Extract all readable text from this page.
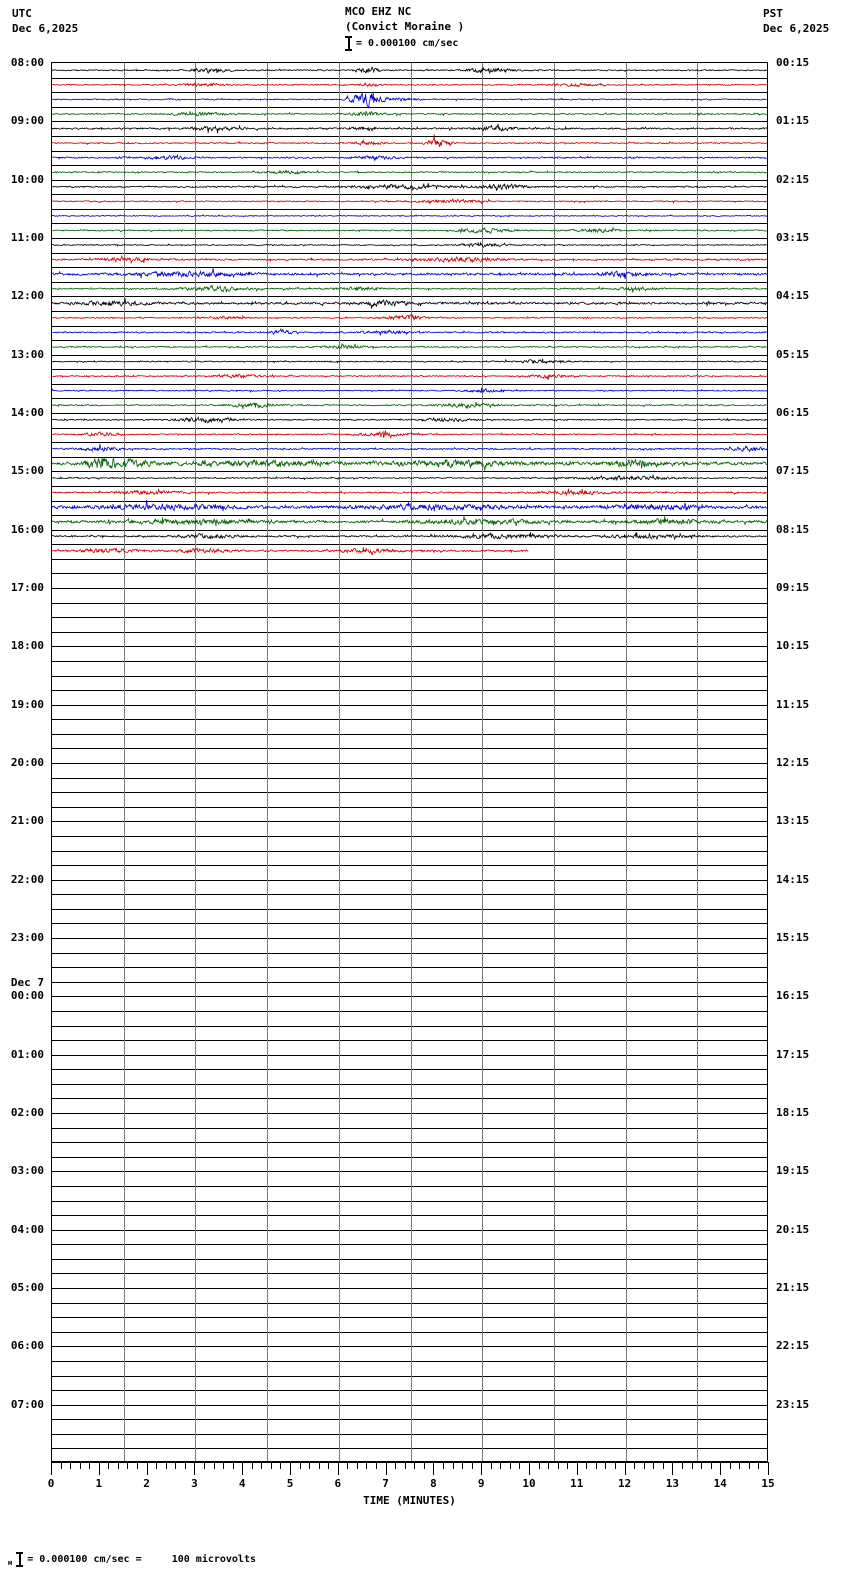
UTC
Dec 6,2025
PST
Dec 6,2025
MCO EHZ NC
(Convict Moraine )
= 0.000100 cm/sec
08:00
09:00
10:00
11:00
12:00
13:00
14:00
15:00
16:00
17:00
18:00
19:00
20:00
21:00
22:00
23:00
00:00
Dec 7
01:00
02:00
03:00
04:00
05:00
06:00
07:00
00:15
01:15
02:15
03:15
04:15
05:15
06:15
07:15
08:15
09:15
10:15
11:15
12:15
13:15
14:15
15:15
16:15
17:15
18:15
19:15
20:15
21:15
22:15
23:15
TIME (MINUTES)
м = 0.000100 cm/sec =     100 microvolts
0	1	2	3	4	5	6	7	8	9	10	11	12	13	14	15
